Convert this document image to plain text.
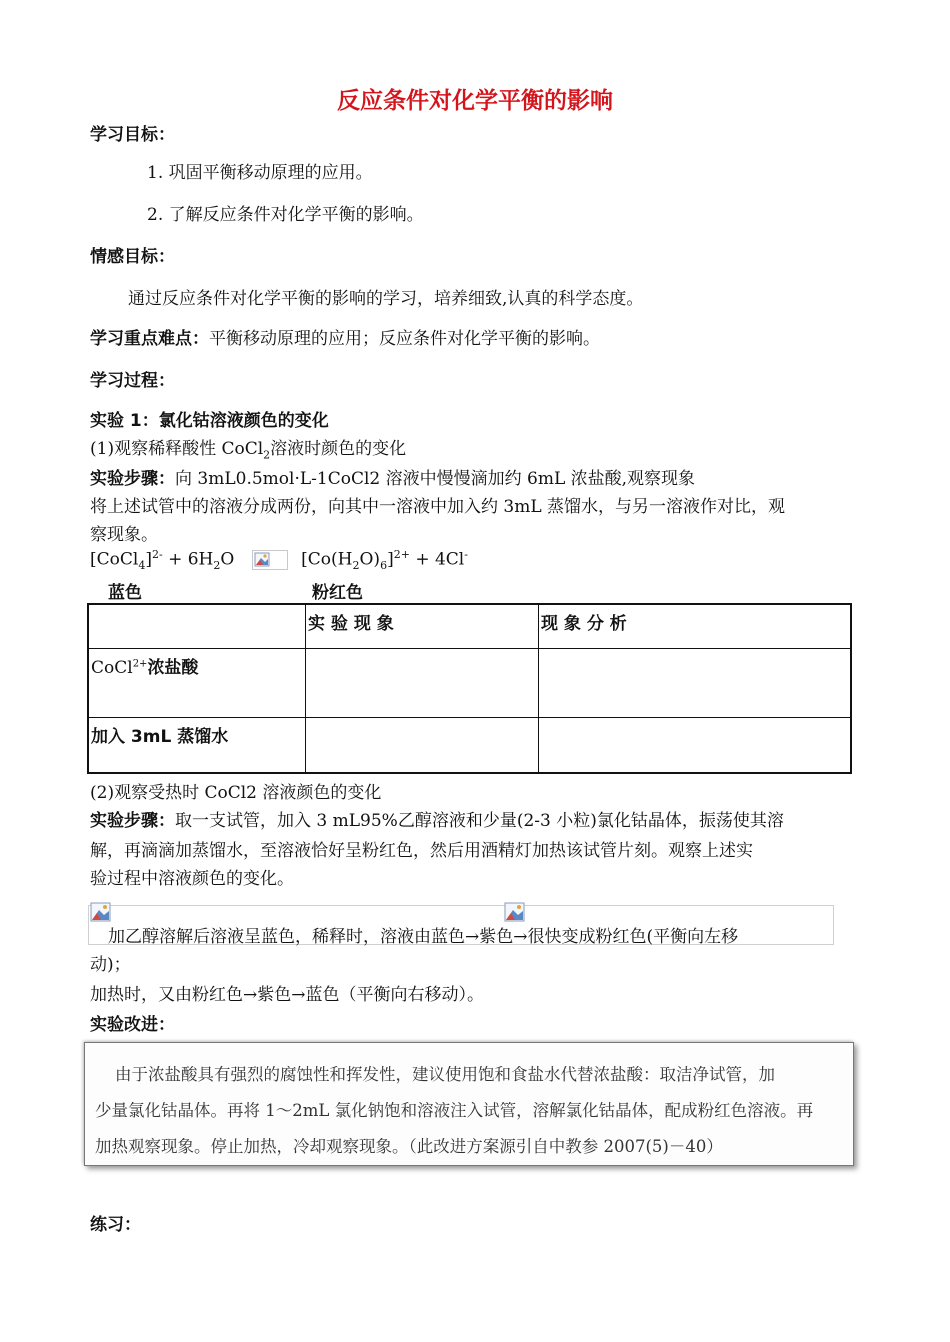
反应条件对化学平衡的影响
学习目标：
1. 巩固平衡移动原理的应用。
2. 了解反应条件对化学平衡的影响。
情感目标：
通过反应条件对化学平衡的影响的学习，培养细致,认真的科学态度。
学习重点难点：平衡移动原理的应用；反应条件对化学平衡的影响。
学习过程：
实验 1：氯化钴溶液颜色的变化
(1)观察稀释酸性 CoCl$_2$溶液时颜色的变化
实验步骤：向 3mL0.5mol·L-1CoCl2 溶液中慢慢滴加约 6mL 浓盐酸,观察现象
将上述试管中的溶液分成两份，向其中一溶液中加入约 3mL 蒸馏水，与另一溶液作对比，观
察现象。
[CoCl$_4$]$^{2-}$ + $6H_2O$	$[Co(H_2O)_6]^{2+} + 4Cl^-$
蓝色	粉红色
	实 验 现 象	现 象 分 析
CoCl$^{2+}$浓盐酸		
加入 3mL 蒸馏水		
(2)观察受热时 CoCl2 溶液颜色的变化
实验步骤：取一支试管，加入 3 mL95%乙醇溶液和少量(2-3 小粒)氯化钴晶体，振荡使其溶
解，再滴滴加蒸馏水，至溶液恰好呈粉红色，然后用酒精灯加热该试管片刻。观察上述实
验过程中溶液颜色的变化。
加乙醇溶解后溶液呈蓝色，稀释时，溶液由蓝色→紫色→很快变成粉红色(平衡向左移
动)；
加热时，又由粉红色→紫色→蓝色（平衡向右移动）。
实验改进：

由于浓盐酸具有强烈的腐蚀性和挥发性，建议使用饱和食盐水代替浓盐酸：取洁净试管，加

少量氯化钴晶体。再将 1～2mL 氯化钠饱和溶液注入试管，溶解氯化钴晶体，配成粉红色溶液。再

加热观察现象。停止加热，冷却观察现象。（此改进方案源引自中教参 2007(5)－40）

练习：
